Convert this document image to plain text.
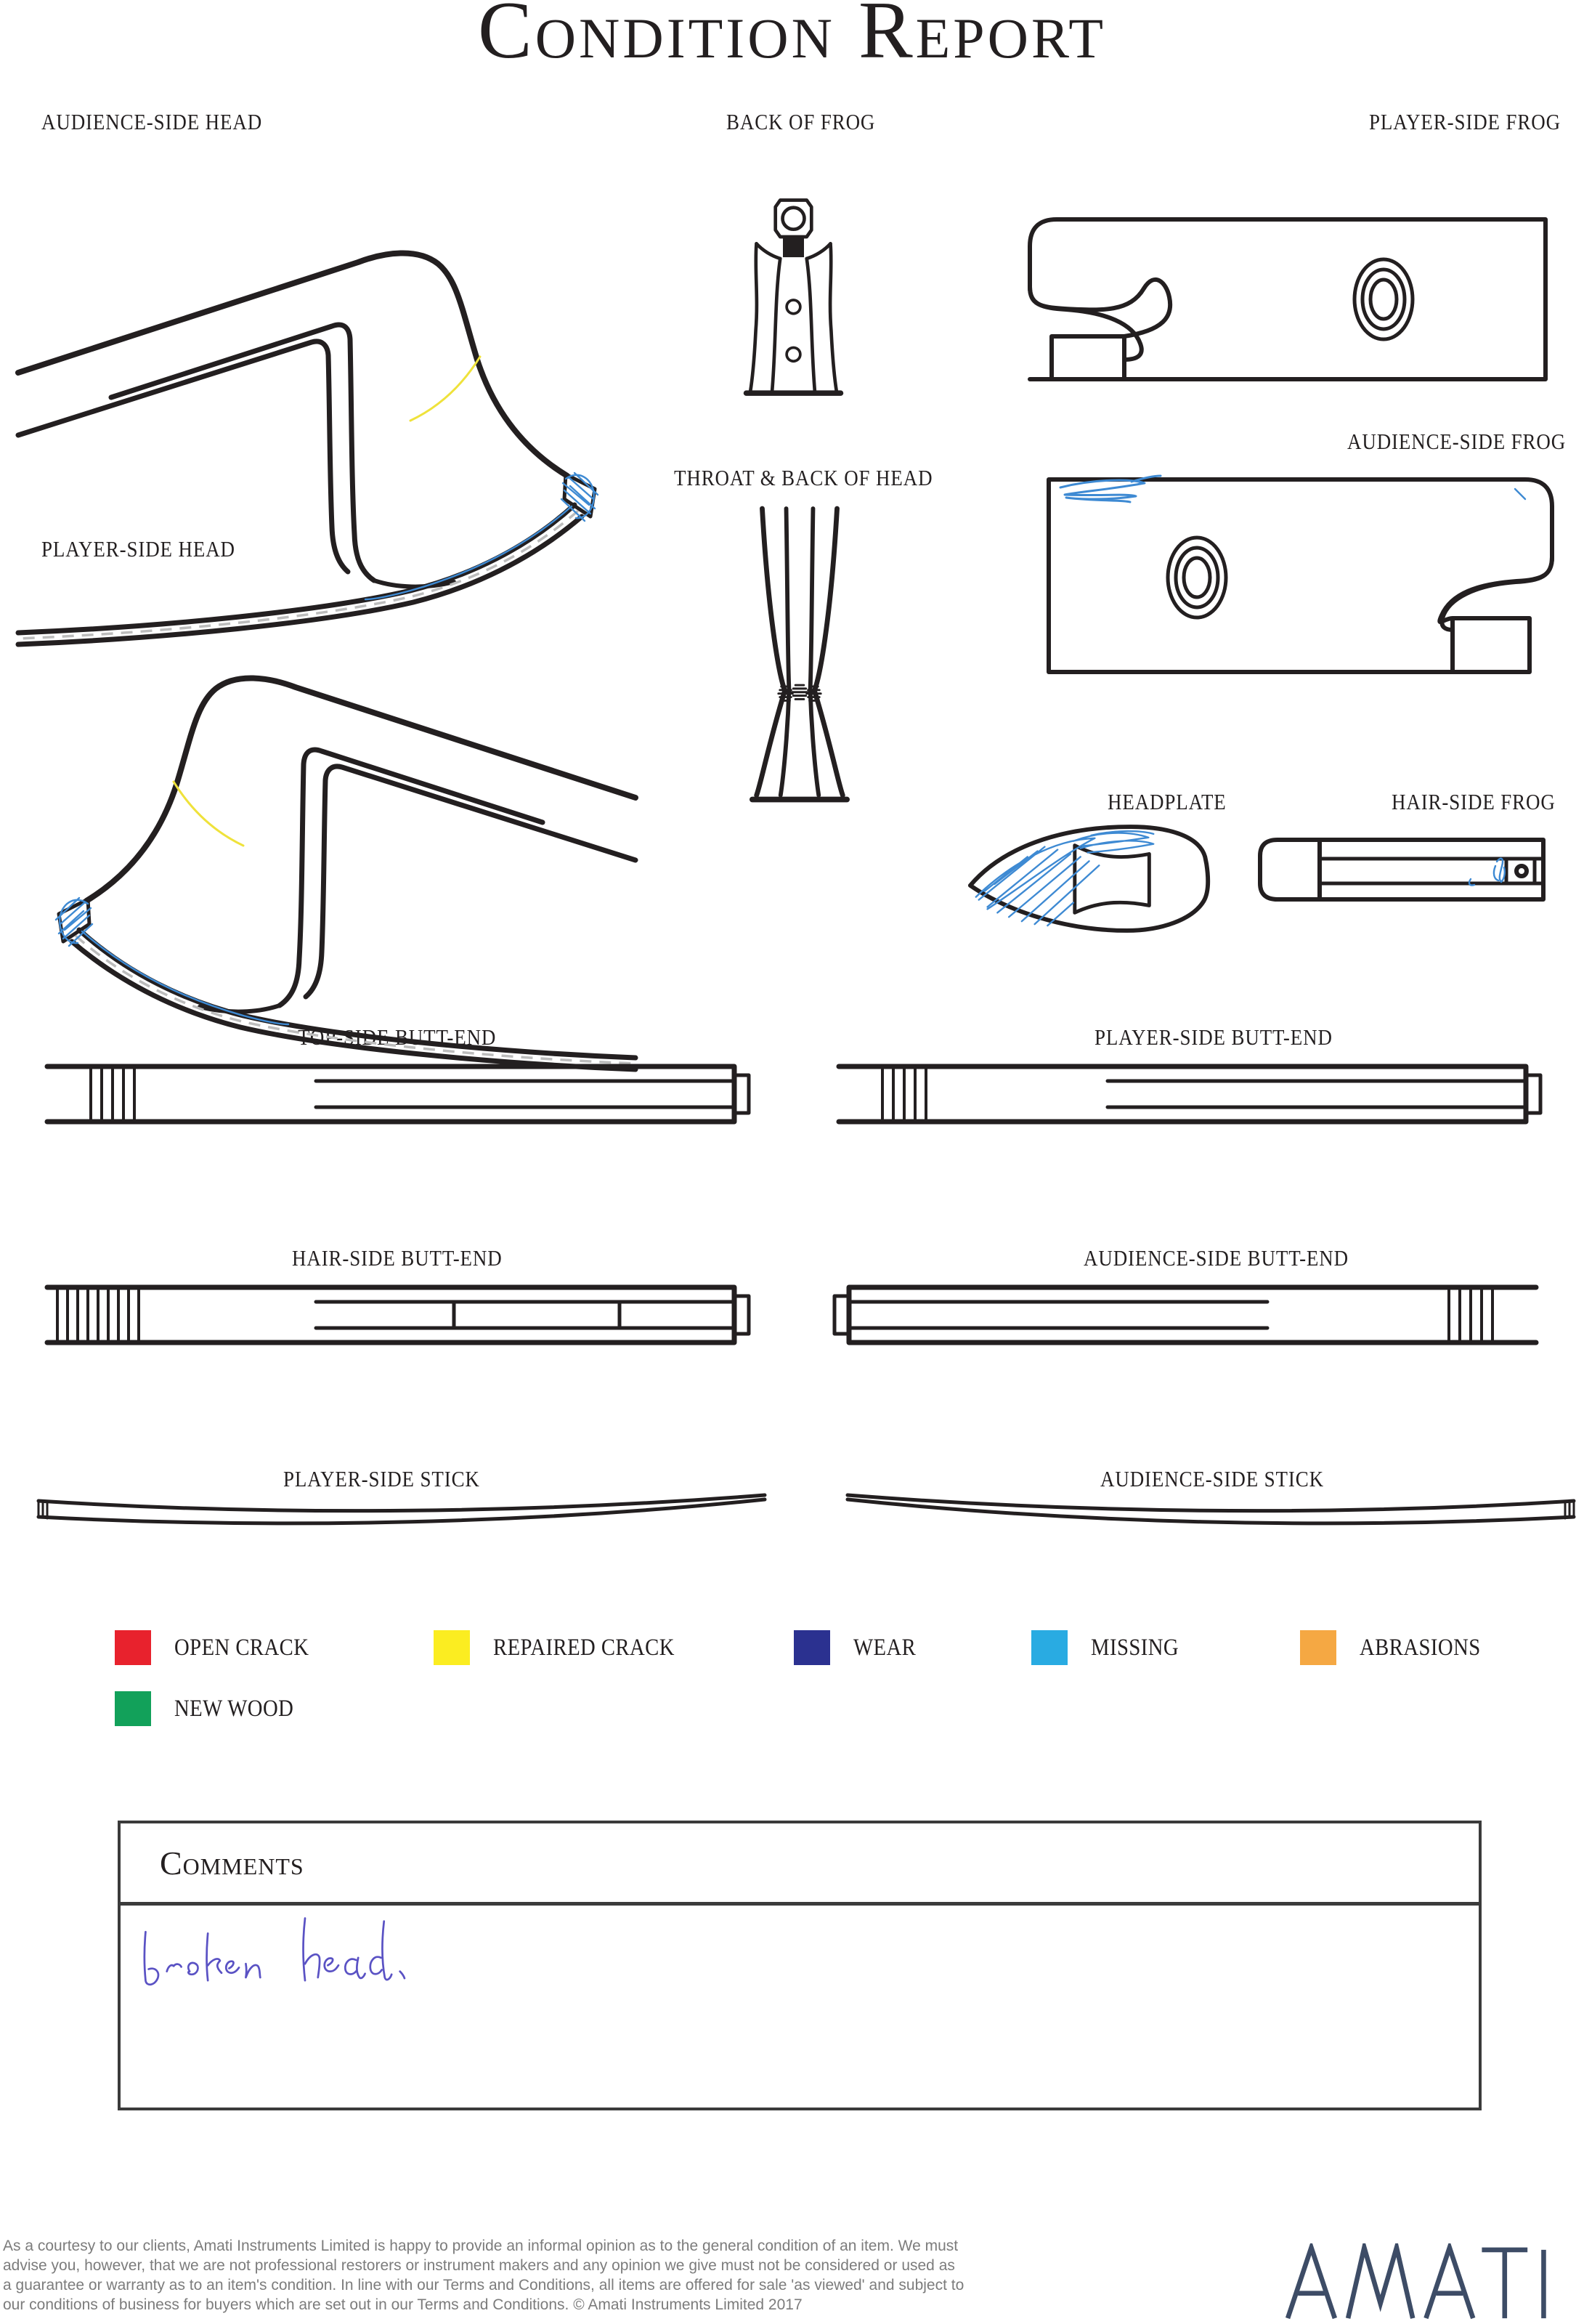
Condition Report
AUDIENCE-SIDE HEAD	BACK OF FROG	PLAYER-SIDE FROG
AUDIENCE-SIDE FROG
PLAYER-SIDE HEAD
THROAT & BACK OF HEAD
HEADPLATE	HAIR-SIDE FROG
TOP-SIDE BUTT-END	PLAYER-SIDE BUTT-END
HAIR-SIDE BUTT-END	AUDIENCE-SIDE BUTT-END
PLAYER-SIDE STICK	AUDIENCE-SIDE STICK
OPEN CRACK	REPAIRED CRACK	WEAR	MISSING	ABRASIONS
NEW WOOD
Comments
As a courtesy to our clients, Amati Instruments Limited is happy to provide an informal opinion as to the general condition of an item. We must
advise you, however, that we are not professional restorers or instrument makers and any opinion we give must not be considered or used as
a guarantee or warranty as to an item's condition. In line with our Terms and Conditions, all items are offered for sale 'as viewed' and subject to
our conditions of business for buyers which are set out in our Terms and Conditions. © Amati Instruments Limited 2017
